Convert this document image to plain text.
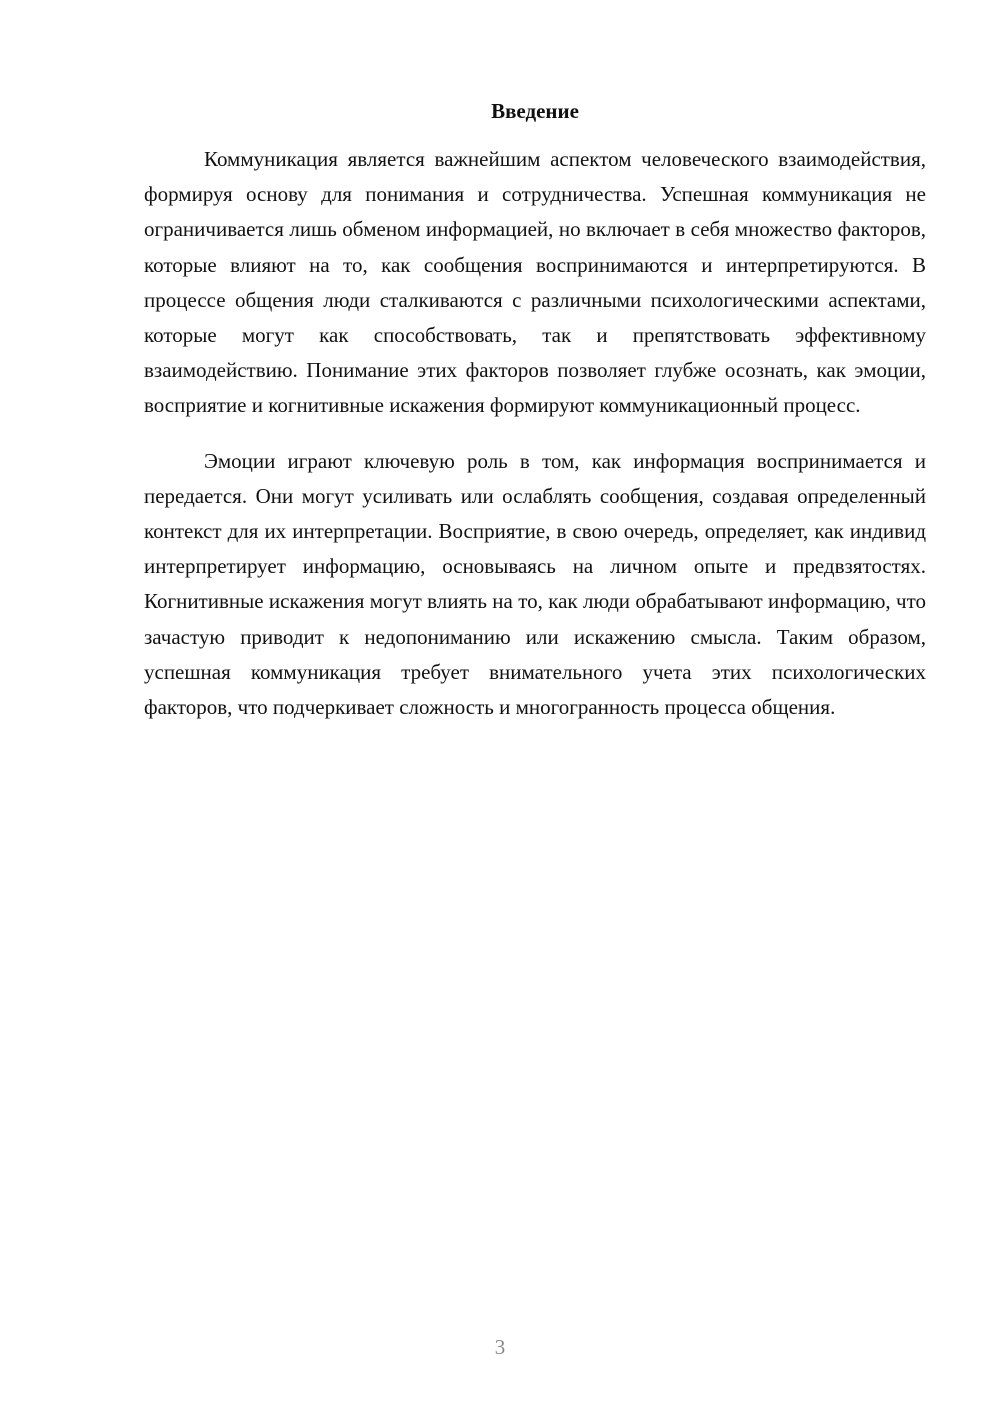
Введение

Коммуникация является важнейшим аспектом человеческого взаимодействия, формируя основу для понимания и сотрудничества. Успешная коммуникация не ограничивается лишь обменом информацией, но включает в себя множество факторов, которые влияют на то, как сообщения воспринимаются и интерпретируются. В процессе общения люди сталкиваются с различными психологическими аспектами, которые могут как способствовать, так и препятствовать эффективному взаимодействию. Понимание этих факторов позволяет глубже осознать, как эмоции, восприятие и когнитивные искажения формируют коммуникационный процесс.

Эмоции играют ключевую роль в том, как информация воспринимается и передается. Они могут усиливать или ослаблять сообщения, создавая определенный контекст для их интерпретации. Восприятие, в свою очередь, определяет, как индивид интерпретирует информацию, основываясь на личном опыте и предвзятостях. Когнитивные искажения могут влиять на то, как люди обрабатывают информацию, что зачастую приводит к недопониманию или искажению смысла. Таким образом, успешная коммуникация требует внимательного учета этих психологических факторов, что подчеркивает сложность и многогранность процесса общения.

3
